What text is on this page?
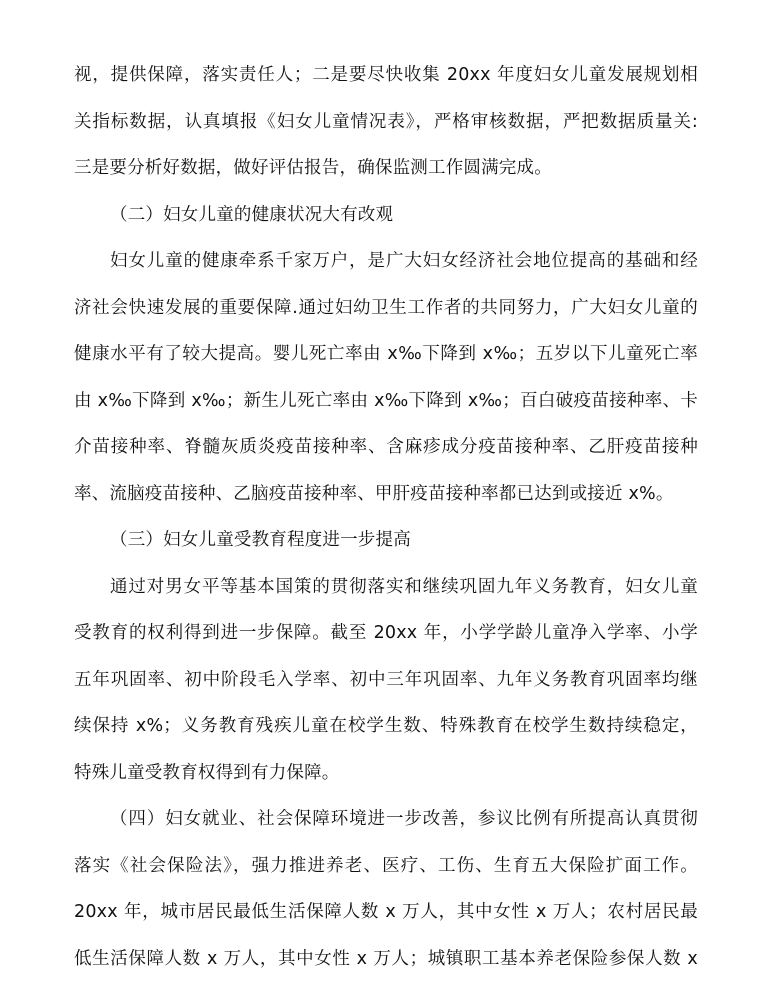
视，提供保障，落实责任人；二是要尽快收集 20xx 年度妇女儿童发展规划相
关指标数据，认真填报《妇女儿童情况表》，严格审核数据，严把数据质量关:
三是要分析好数据，做好评估报告，确保监测工作圆满完成。
（二）妇女儿童的健康状况大有改观
妇女儿童的健康牵系千家万户，是广大妇女经济社会地位提高的基础和经
济社会快速发展的重要保障.通过妇幼卫生工作者的共同努力，广大妇女儿童的
健康水平有了较大提高。婴儿死亡率由 x‰下降到 x‰；五岁以下儿童死亡率
由 x‰下降到 x‰；新生儿死亡率由 x‰下降到 x‰；百白破疫苗接种率、卡
介苗接种率、脊髓灰质炎疫苗接种率、含麻疹成分疫苗接种率、乙肝疫苗接种
率、流脑疫苗接种、乙脑疫苗接种率、甲肝疫苗接种率都已达到或接近 x%。
（三）妇女儿童受教育程度进一步提高
通过对男女平等基本国策的贯彻落实和继续巩固九年义务教育，妇女儿童
受教育的权利得到进一步保障。截至 20xx 年，小学学龄儿童净入学率、小学
五年巩固率、初中阶段毛入学率、初中三年巩固率、九年义务教育巩固率均继
续保持 x%；义务教育残疾儿童在校学生数、特殊教育在校学生数持续稳定，
特殊儿童受教育权得到有力保障。
（四）妇女就业、社会保障环境进一步改善，参议比例有所提高认真贯彻
落实《社会保险法》，强力推进养老、医疗、工伤、生育五大保险扩面工作。
20xx 年，城市居民最低生活保障人数 x 万人，其中女性 x 万人；农村居民最
低生活保障人数 x 万人，其中女性 x 万人；城镇职工基本养老保险参保人数 x
